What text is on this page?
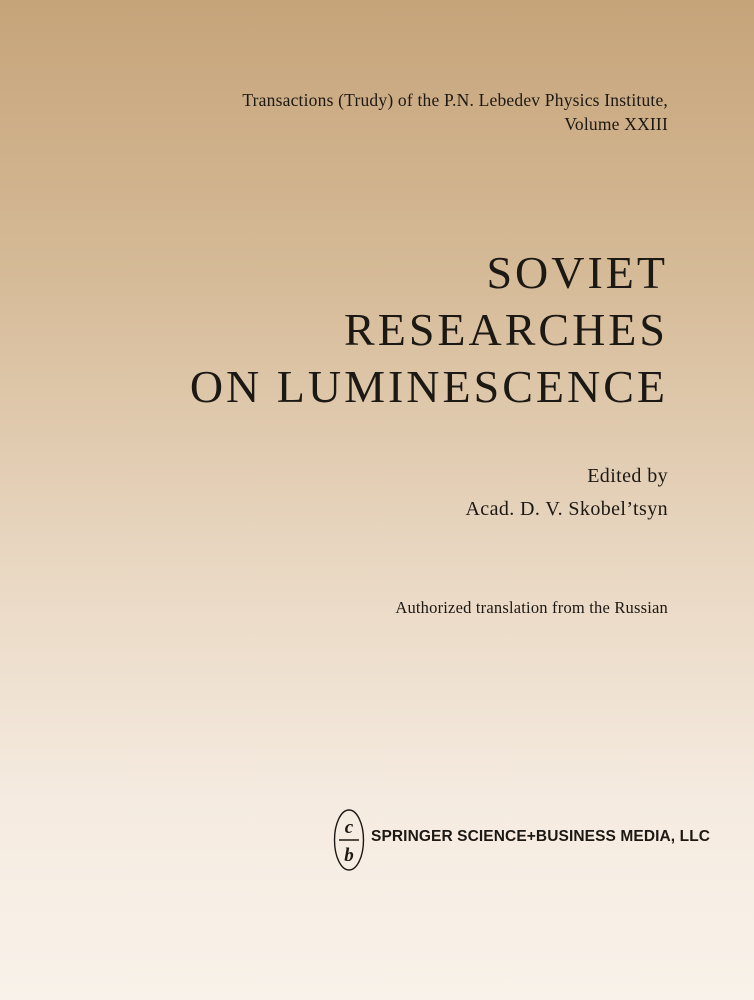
Transactions (Trudy) of the P.N. Lebedev Physics Institute,
Volume XXIII
SOVIET
RESEARCHES
ON LUMINESCENCE
Edited by
Acad. D. V. Skobel’tsyn
Authorized translation from the Russian
c
b
SPRINGER SCIENCE+BUSINESS MEDIA, LLC
